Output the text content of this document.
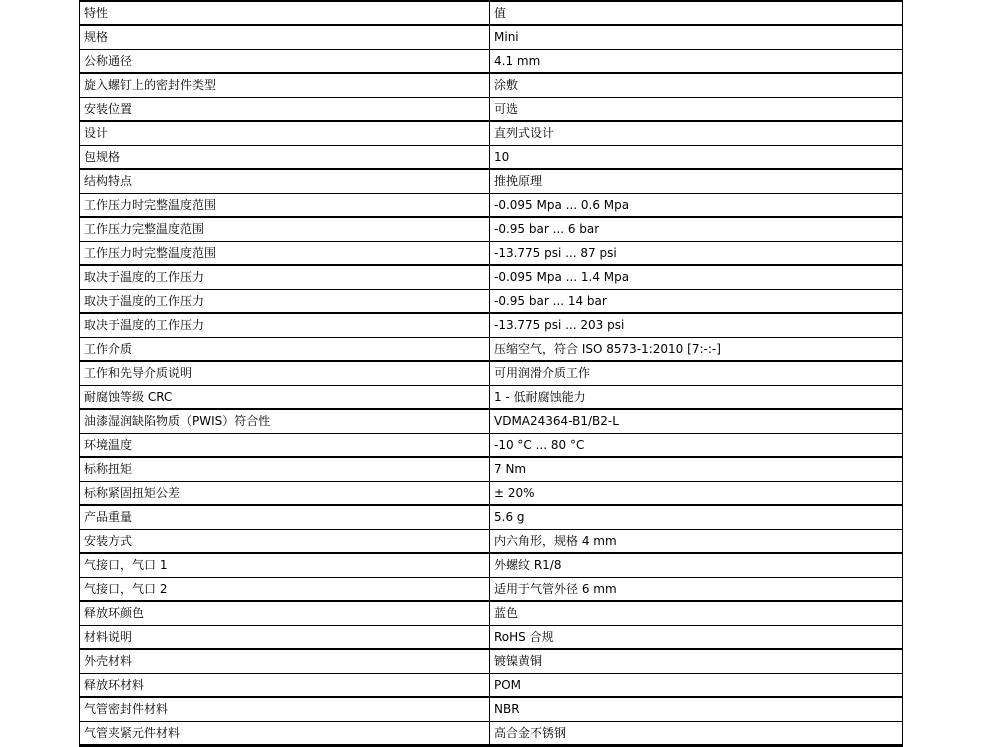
特性	值
规格	Mini
公称通径	4.1 mm
旋入螺钉上的密封件类型	涂敷
安装位置	可选
设计	直列式设计
包规格	10
结构特点	推挽原理
工作压力时完整温度范围	-0.095 Mpa ... 0.6 Mpa
工作压力完整温度范围	-0.95 bar ... 6 bar
工作压力时完整温度范围	-13.775 psi ... 87 psi
取决于温度的工作压力	-0.095 Mpa ... 1.4 Mpa
取决于温度的工作压力	-0.95 bar ... 14 bar
取决于温度的工作压力	-13.775 psi ... 203 psi
工作介质	压缩空气，符合 ISO 8573-1:2010 [7:-:-]
工作和先导介质说明	可用润滑介质工作
耐腐蚀等级 CRC	1 - 低耐腐蚀能力
油漆湿润缺陷物质（PWIS）符合性	VDMA24364-B1/B2-L
环境温度	-10 °C ... 80 °C
标称扭矩	7 Nm
标称紧固扭矩公差	± 20%
产品重量	5.6 g
安装方式	内六角形，规格 4 mm
气接口，气口 1	外螺纹 R1/8
气接口，气口 2	适用于气管外径 6 mm
释放环颜色	蓝色
材料说明	RoHS 合规
外壳材料	镀镍黄铜
释放环材料	POM
气管密封件材料	NBR
气管夹紧元件材料	高合金不锈钢
